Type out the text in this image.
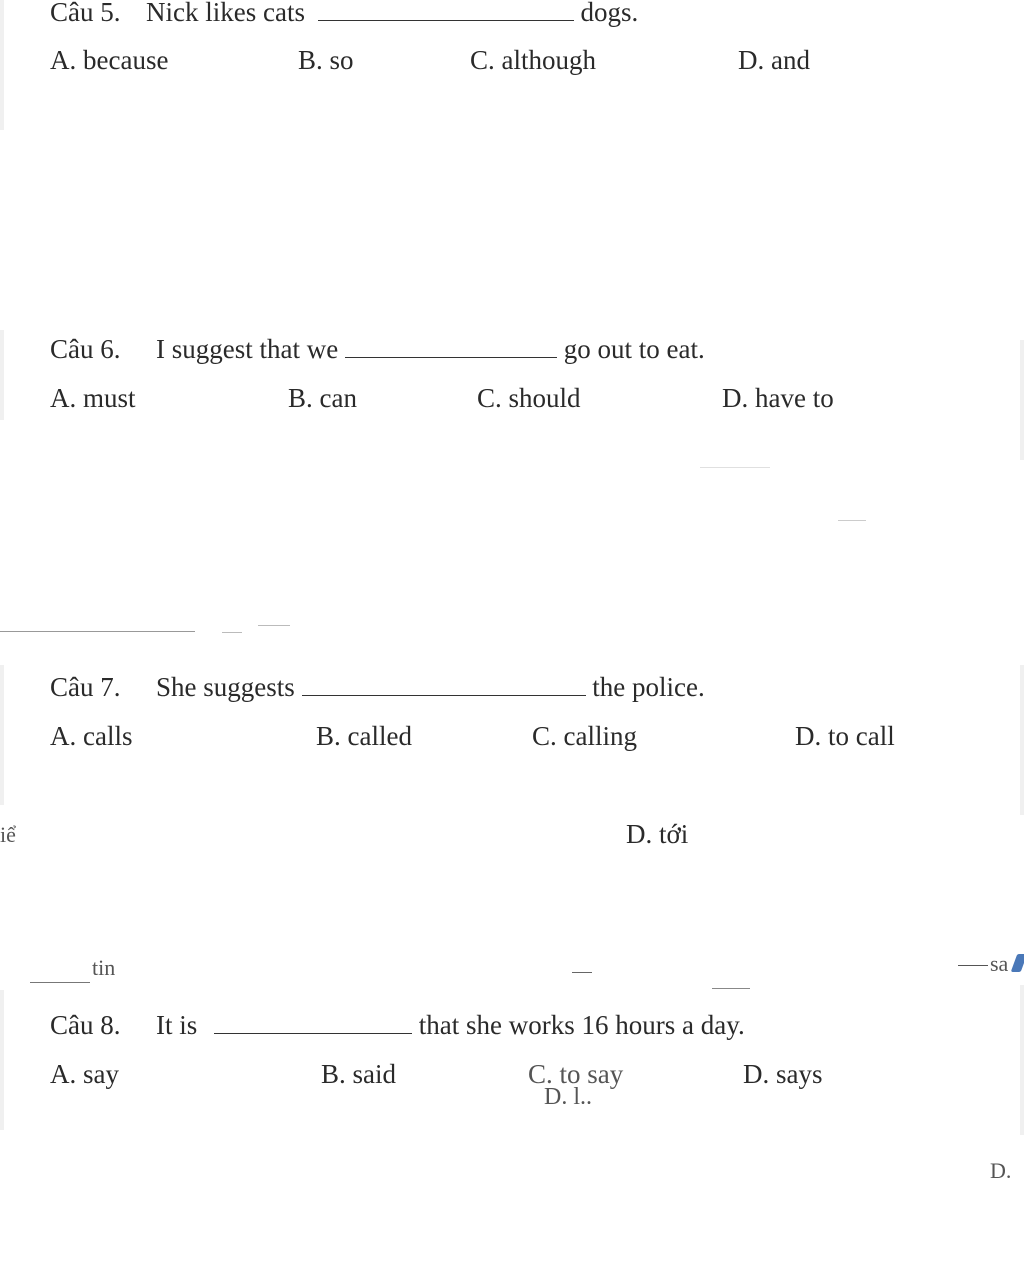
Câu 5. Nick likes cats	dogs.
A. because	B. so	C. although	D. and
Câu 6. I suggest that we	go out to eat.
A. must	B. can	C. should	D. have to
Câu 7. She suggests	the police.
A. calls	B. called	C. calling	D. to call
iể	D. tới
tin	sa
Câu 8. It is	that she works 16 hours a day.
A. say	B. said	C. to say	D. says
D. l..
D.
